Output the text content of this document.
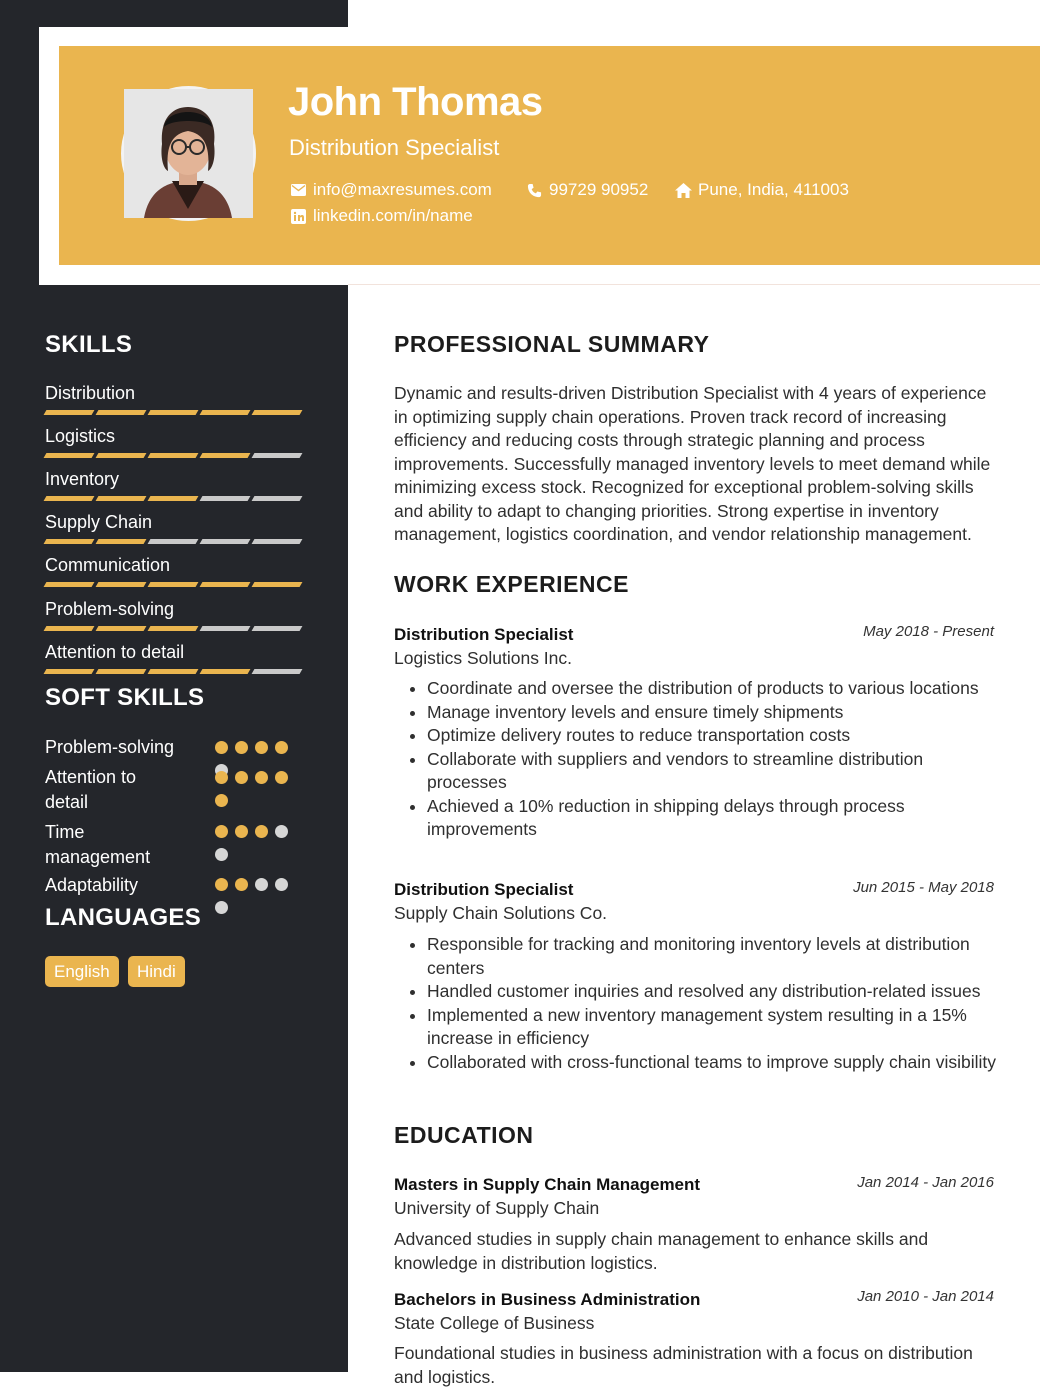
John Thomas
Distribution Specialist
info@maxresumes.com	99729 90952	Pune, India, 411003
linkedin.com/in/name
SKILLS
Distribution
Logistics
Inventory
Supply Chain
Communication
Problem-solving
Attention to detail
SOFT SKILLS
Problem-solving
Attention to detail
Time management
Adaptability
LANGUAGES
English	Hindi
PROFESSIONAL SUMMARY
Dynamic and results-driven Distribution Specialist with 4 years of experience in optimizing supply chain operations. Proven track record of increasing efficiency and reducing costs through strategic planning and process improvements. Successfully managed inventory levels to meet demand while minimizing excess stock. Recognized for exceptional problem-solving skills and ability to adapt to changing priorities. Strong expertise in inventory management, logistics coordination, and vendor relationship management.
WORK EXPERIENCE
Distribution Specialist	May 2018 - Present
Logistics Solutions Inc.
• Coordinate and oversee the distribution of products to various locations
• Manage inventory levels and ensure timely shipments
• Optimize delivery routes to reduce transportation costs
• Collaborate with suppliers and vendors to streamline distribution processes
• Achieved a 10% reduction in shipping delays through process improvements
Distribution Specialist	Jun 2015 - May 2018
Supply Chain Solutions Co.
• Responsible for tracking and monitoring inventory levels at distribution centers
• Handled customer inquiries and resolved any distribution-related issues
• Implemented a new inventory management system resulting in a 15% increase in efficiency
• Collaborated with cross-functional teams to improve supply chain visibility
EDUCATION
Masters in Supply Chain Management	Jan 2014 - Jan 2016
University of Supply Chain
Advanced studies in supply chain management to enhance skills and knowledge in distribution logistics.
Bachelors in Business Administration	Jan 2010 - Jan 2014
State College of Business
Foundational studies in business administration with a focus on distribution and logistics.
